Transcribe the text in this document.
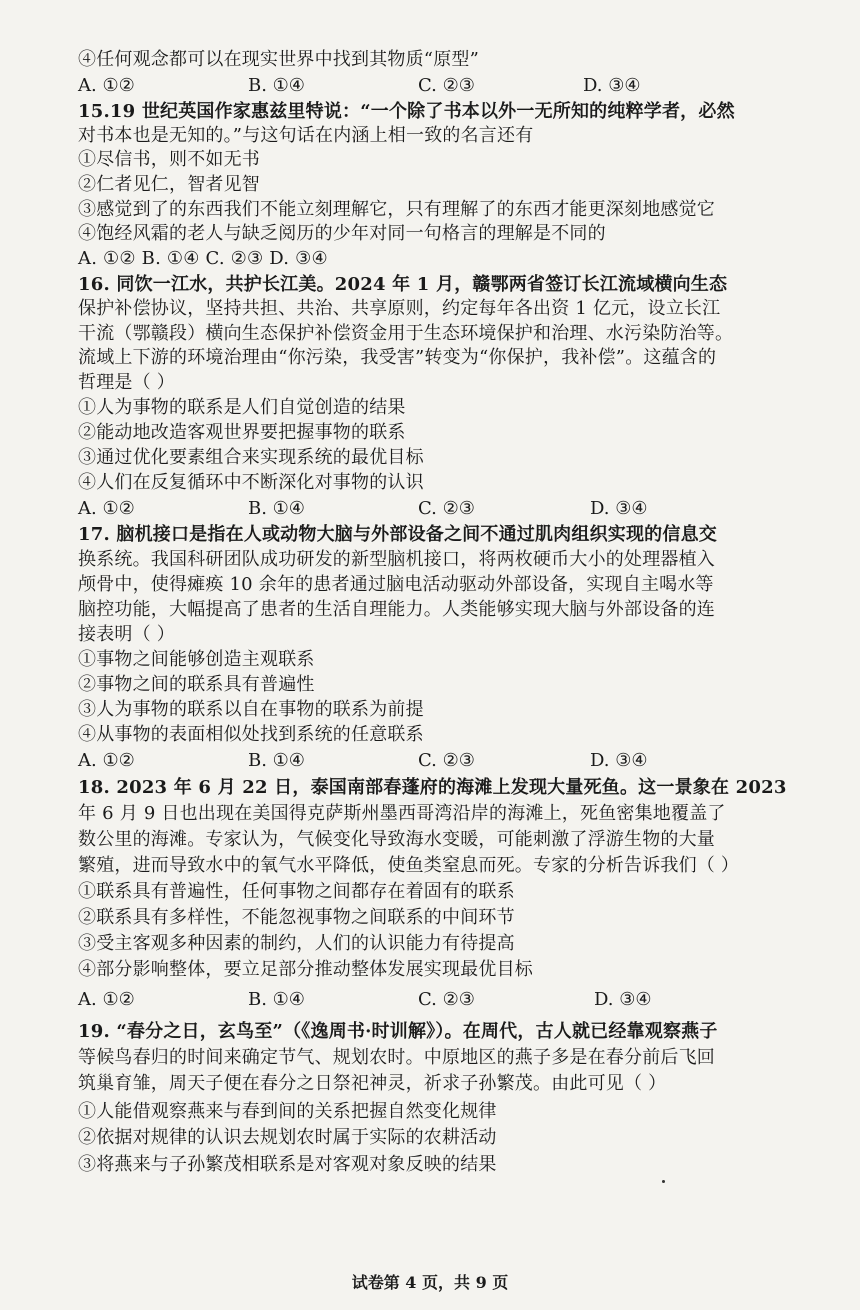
④任何观念都可以在现实世界中找到其物质“原型”
A. ①②	B. ①④	C. ②③	D. ③④
15.19 世纪英国作家惠兹里特说：“一个除了书本以外一无所知的纯粹学者，必然
对书本也是无知的。”与这句话在内涵上相一致的名言还有
①尽信书，则不如无书
②仁者见仁，智者见智
③感觉到了的东西我们不能立刻理解它，只有理解了的东西才能更深刻地感觉它
④饱经风霜的老人与缺乏阅历的少年对同一句格言的理解是不同的
A. ①② B. ①④ C. ②③ D. ③④
16. 同饮一江水，共护长江美。2024 年 1 月，赣鄂两省签订长江流域横向生态
保护补偿协议，坚持共担、共治、共享原则，约定每年各出资 1 亿元，设立长江
干流（鄂赣段）横向生态保护补偿资金用于生态环境保护和治理、水污染防治等。
流域上下游的环境治理由“你污染，我受害”转变为“你保护，我补偿”。这蕴含的
哲理是（ ）
①人为事物的联系是人们自觉创造的结果
②能动地改造客观世界要把握事物的联系
③通过优化要素组合来实现系统的最优目标
④人们在反复循环中不断深化对事物的认识
A. ①②	B. ①④	C. ②③	D. ③④
17. 脑机接口是指在人或动物大脑与外部设备之间不通过肌肉组织实现的信息交
换系统。我国科研团队成功研发的新型脑机接口，将两枚硬币大小的处理器植入
颅骨中，使得瘫痪 10 余年的患者通过脑电活动驱动外部设备，实现自主喝水等
脑控功能，大幅提高了患者的生活自理能力。人类能够实现大脑与外部设备的连
接表明（ ）
①事物之间能够创造主观联系
②事物之间的联系具有普遍性
③人为事物的联系以自在事物的联系为前提
④从事物的表面相似处找到系统的任意联系
A. ①②	B. ①④	C. ②③	D. ③④
18. 2023 年 6 月 22 日，泰国南部春蓬府的海滩上发现大量死鱼。这一景象在 2023
年 6 月 9 日也出现在美国得克萨斯州墨西哥湾沿岸的海滩上，死鱼密集地覆盖了
数公里的海滩。专家认为，气候变化导致海水变暖，可能刺激了浮游生物的大量
繁殖，进而导致水中的氧气水平降低，使鱼类窒息而死。专家的分析告诉我们（ ）
①联系具有普遍性，任何事物之间都存在着固有的联系
②联系具有多样性，不能忽视事物之间联系的中间环节
③受主客观多种因素的制约，人们的认识能力有待提高
④部分影响整体，要立足部分推动整体发展实现最优目标
A. ①②	B. ①④	C. ②③	D. ③④
19. “春分之日，玄鸟至”（《逸周书·时训解》）。在周代，古人就已经靠观察燕子
等候鸟春归的时间来确定节气、规划农时。中原地区的燕子多是在春分前后飞回
筑巢育雏，周天子便在春分之日祭祀神灵，祈求子孙繁茂。由此可见（ ）
①人能借观察燕来与春到间的关系把握自然变化规律
②依据对规律的认识去规划农时属于实际的农耕活动
③将燕来与子孙繁茂相联系是对客观对象反映的结果
试卷第 4 页，共 9 页
